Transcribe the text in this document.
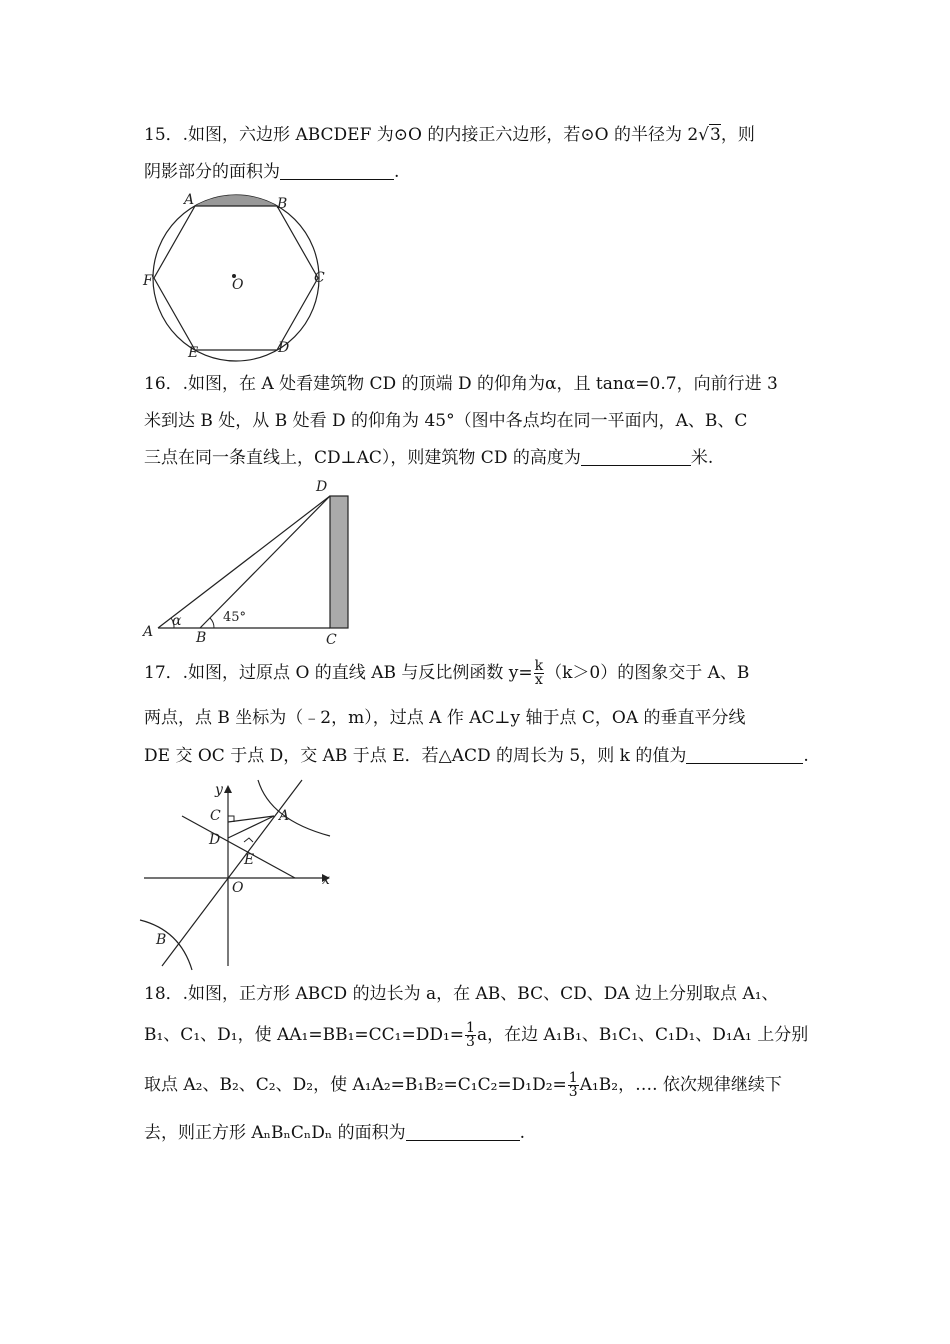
15．.如图，六边形 ABCDEF 为⊙O 的内接正六边形，若⊙O 的半径为 2√3，则
阴影部分的面积为	.
A	B
C
D
E
F	O
16．.如图，在 A 处看建筑物 CD 的顶端 D 的仰角为α，且 tanα=0.7，向前行进 3
米到达 B 处，从 B 处看 D 的仰角为 45°（图中各点均在同一平面内，A、B、C
三点在同一条直线上，CD⊥AC），则建筑物 CD 的高度为	米.
A
α
B
45°
C
D
17．.如图，过原点 O 的直线 AB 与反比例函数 $y= \frac{k}{x} (k>0)$的图象交于 A、B
两点，点 B 坐标为（﹣2，m），过点 A 作 AC⊥y 轴于点 C，OA 的垂直平分线
DE 交 OC 于点 D，交 AB 于点 E．若△ACD 的周长为 5，则 k 的值为	.
y
x
C	A
D
E
O
B
18．.如图，正方形 ABCD 的边长为 a，在 AB、BC、CD、DA 边上分别取点 A₁、
B₁、C₁、D₁，使 $AA_1=BB_1=CC_1=DD_1= \frac{1}{3}$ a，在边 A₁B₁、B₁C₁、C₁D₁、D₁A₁ 上分别
取点 A₂、B₂、C₂、D₂，使 $A_1A_2=B_1B_2=C_1C_2=D_1D_2= \frac{1}{3} A_1B_2$，…. 依次规律继续下
去，则正方形 AₙBₙCₙDₙ 的面积为	.
